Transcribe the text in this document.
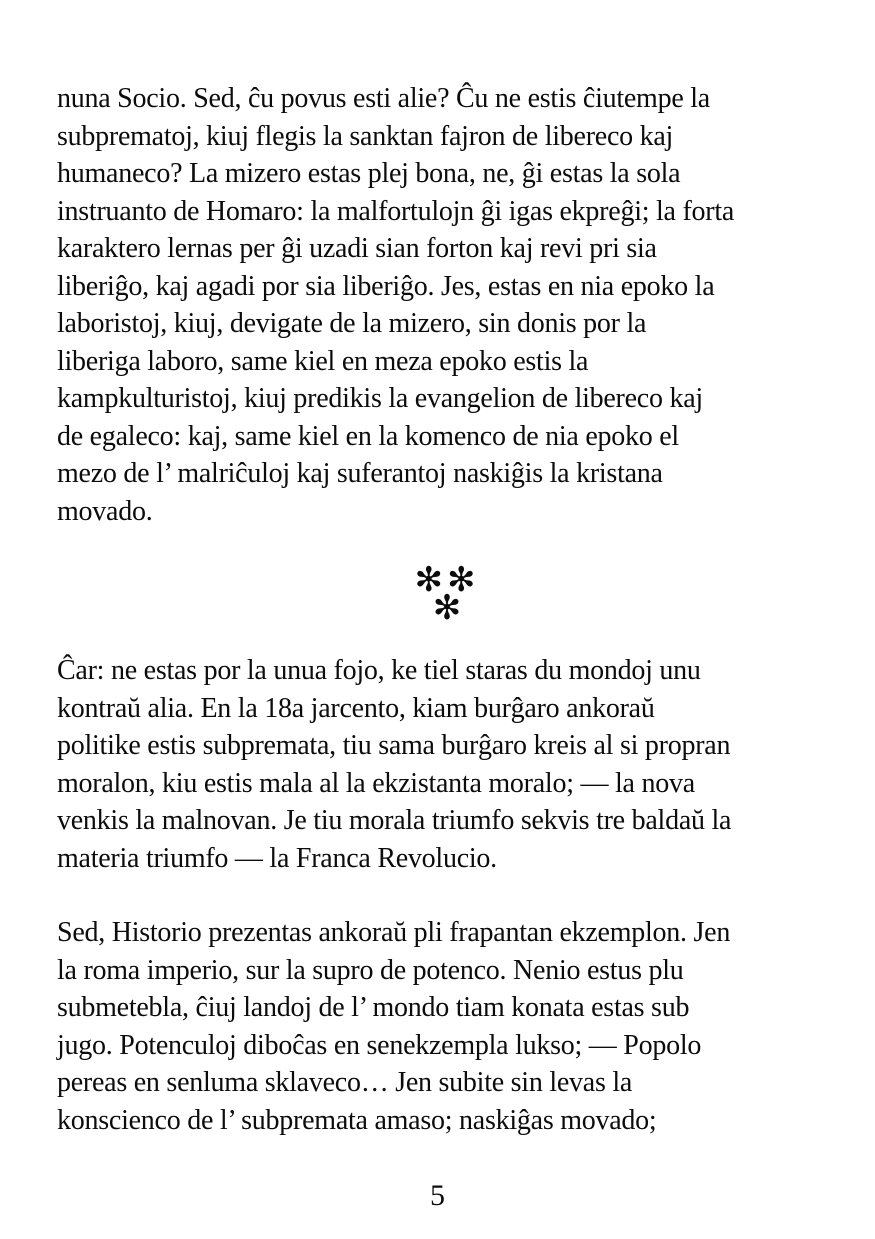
nuna Socio. Sed, ĉu povus esti alie? Ĉu ne estis ĉiutempe la
subprematoj, kiuj flegis la sanktan fajron de libereco kaj
humaneco? La mizero estas plej bona, ne, ĝi estas la sola
instruanto de Homaro: la malfortulojn ĝi igas ekpreĝi; la forta
karaktero lernas per ĝi uzadi sian forton kaj revi pri sia
liberiĝo, kaj agadi por sia liberiĝo. Jes, estas en nia epoko la
laboristoj, kiuj, devigate de la mizero, sin donis por la
liberiga laboro, same kiel en meza epoko estis la
kampkulturistoj, kiuj predikis la evangelion de libereco kaj
de egaleco: kaj, same kiel en la komenco de nia epoko el
mezo de l’ malriĉuloj kaj suferantoj naskiĝis la kristana
movado.
✻✻
✻
Ĉar: ne estas por la unua fojo, ke tiel staras du mondoj unu
kontraŭ alia. En la 18a jarcento, kiam burĝaro ankoraŭ
politike estis subpremata, tiu sama burĝaro kreis al si propran
moralon, kiu estis mala al la ekzistanta moralo; — la nova
venkis la malnovan. Je tiu morala triumfo sekvis tre baldaŭ la
materia triumfo — la Franca Revolucio.
Sed, Historio prezentas ankoraŭ pli frapantan ekzemplon. Jen
la roma imperio, sur la supro de potenco. Nenio estus plu
submetebla, ĉiuj landoj de l’ mondo tiam konata estas sub
jugo. Potenculoj diboĉas en senekzempla lukso; — Popolo
pereas en senluma sklaveco… Jen subite sin levas la
konscienco de l’ subpremata amaso; naskiĝas movado;
5
